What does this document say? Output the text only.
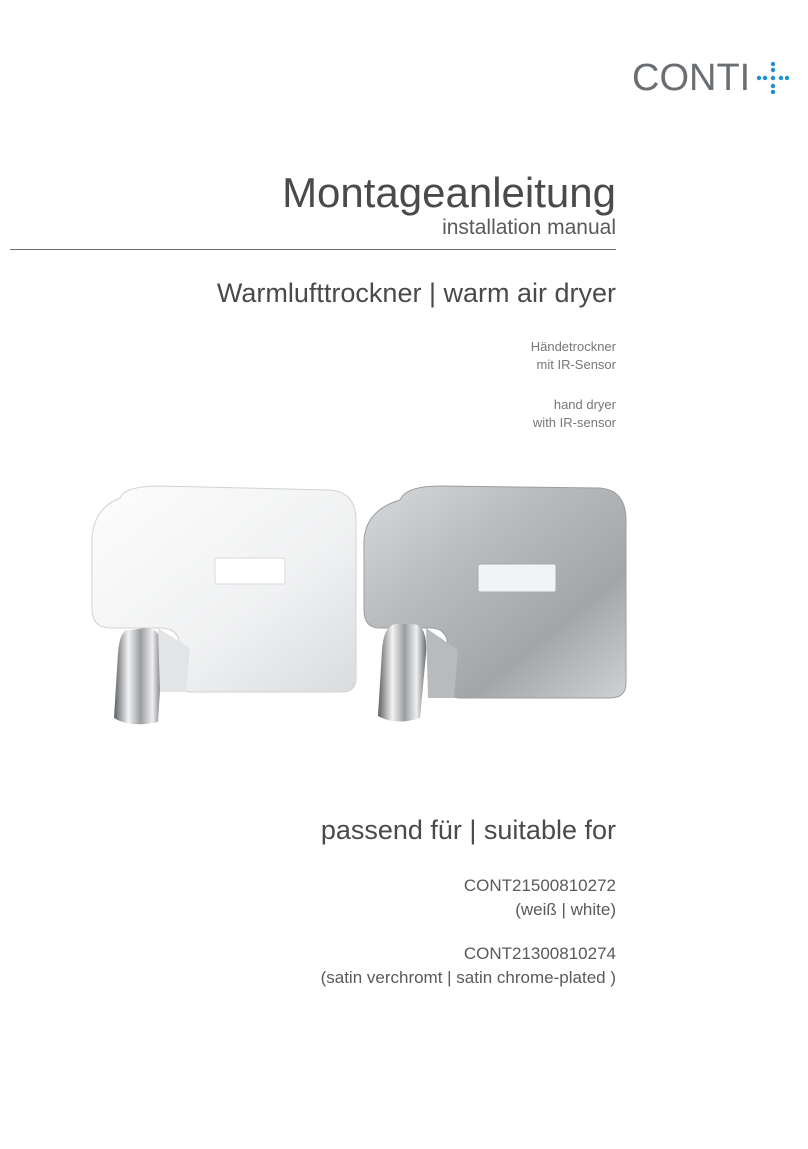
CONTI
Montageanleitung
installation manual
Warmlufttrockner | warm air dryer
Händetrockner
mit IR-Sensor
hand dryer
with IR-sensor
passend für | suitable for
CONT21500810272
(weiß | white)
CONT21300810274
(satin verchromt | satin chrome-plated )
